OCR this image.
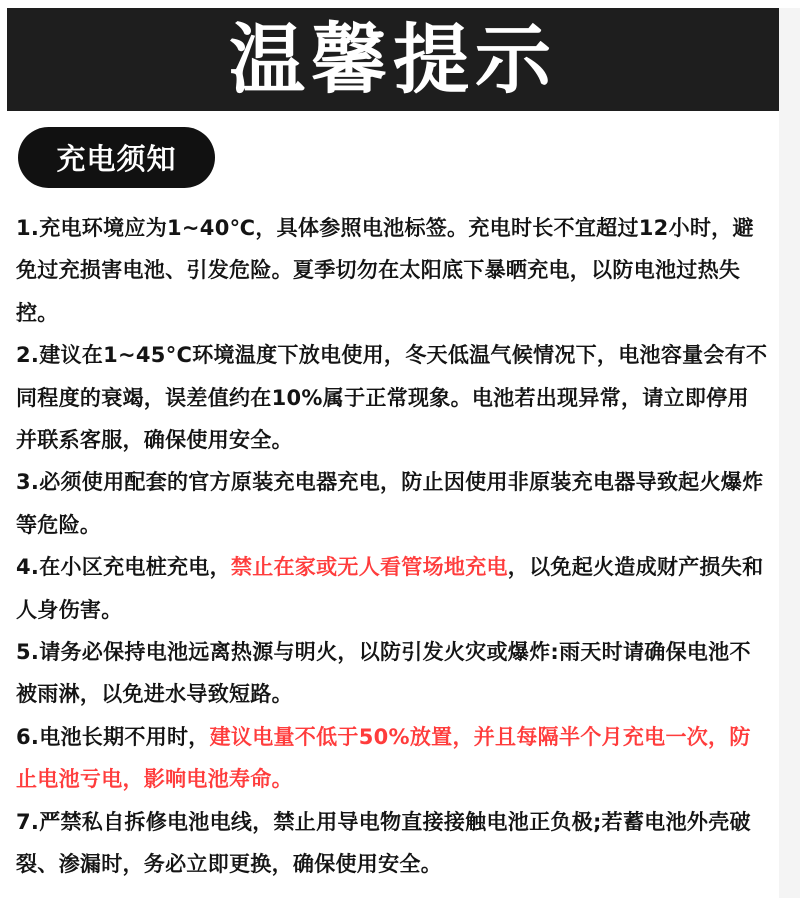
温馨提示
充电须知

1.充电环境应为1~40℃，具体参照电池标签。充电时长不宜超过12小时，避免过充损害电池、引发危险。夏季切勿在太阳底下暴晒充电，以防电池过热失控。

2.建议在1~45°C环境温度下放电使用，冬天低温气候情况下，电池容量会有不同程度的衰竭，误差值约在10%属于正常现象。电池若出现异常，请立即停用并联系客服，确保使用安全。

3.必须使用配套的官方原装充电器充电，防止因使用非原装充电器导致起火爆炸等危险。

4.在小区充电桩充电，禁止在家或无人看管场地充电，以免起火造成财产损失和人身伤害。

5.请务必保持电池远离热源与明火，以防引发火灾或爆炸:雨天时请确保电池不被雨淋，以免进水导致短路。

6.电池长期不用时，建议电量不低于50%放置，并且每隔半个月充电一次，防止电池亏电，影响电池寿命。

7.严禁私自拆修电池电线，禁止用导电物直接接触电池正负极;若蓄电池外壳破裂、渗漏时，务必立即更换，确保使用安全。
